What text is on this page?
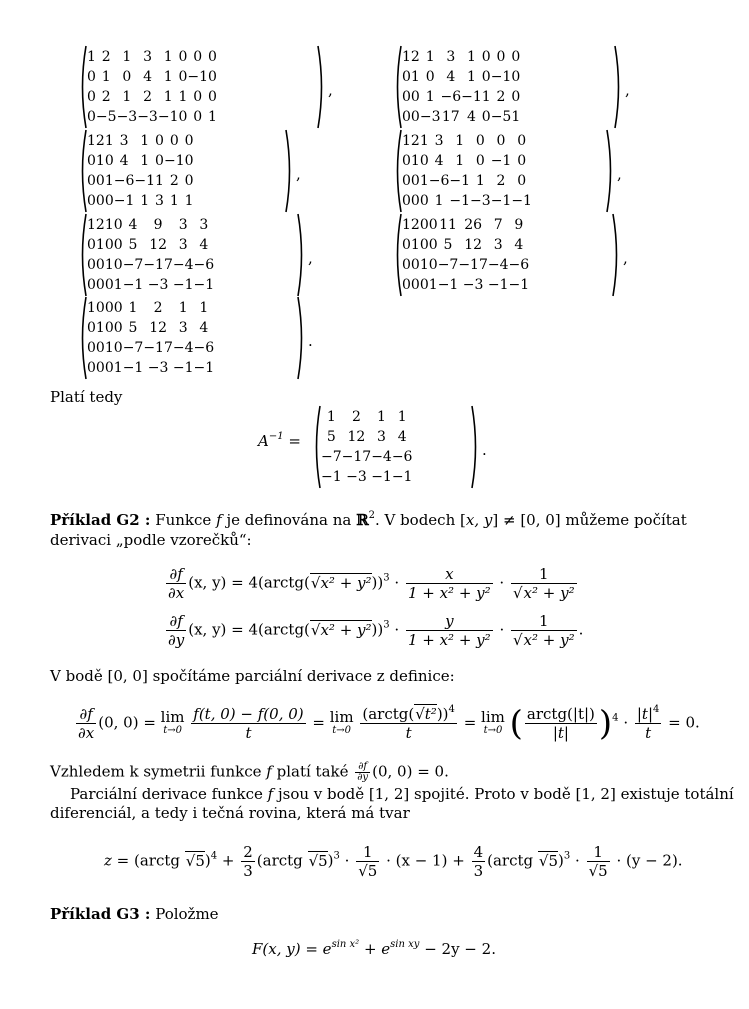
1	2	1	3	1	0	0	0
0	1	0	4	1	0	−1	0
0	2	1	2	1	1	0	0
0	−5	−3	−3	−1	0	0	1
,
1	2	1	3	1	0	0	0
0	1	0	4	1	0	−1	0
0	0	1	−6	−1	1	2	0
0	0	−3	17	4	0	−5	1
,
1	2	1	3	1	0	0	0
0	1	0	4	1	0	−1	0
0	0	1	−6	−1	1	2	0
0	0	0	−1	1	3	1	1
,
1	2	1	3	1	0	0	0
0	1	0	4	1	0	−1	0
0	0	1	−6	−1	1	2	0
0	0	0	1	−1	−3	−1	−1
,
1	2	1	0	4	9	3	3
0	1	0	0	5	12	3	4
0	0	1	0	−7	−17	−4	−6
0	0	0	1	−1	−3	−1	−1
,
1	2	0	0	11	26	7	9
0	1	0	0	5	12	3	4
0	0	1	0	−7	−17	−4	−6
0	0	0	1	−1	−3	−1	−1
,
1	0	0	0	1	2	1	1
0	1	0	0	5	12	3	4
0	0	1	0	−7	−17	−4	−6
0	0	0	1	−1	−3	−1	−1
.
Platí tedy
$A^{-1}$ =
1	2	1	1
5	12	3	4
−7	−17	−4	−6
−1	−3	−1	−1
.
Příklad G2 : Funkce f je definována na ℝ$^2$. V bodech [x, y] ≠ [0, 0] můžeme počítat
derivaci „podle vzorečků“:
$\frac{\partial f}{\partial x} (x$, y) = 4(arctg(√x² + $y^2))^3 \cdot \frac{x}{\text{1 + x² + y²}} \cdot \frac{1}{\text{√x² + y²}}$
$\frac{\partial f}{\partial y} (x$, y) = 4(arctg(√x² + $y^2))^3 \cdot \frac{y}{\text{1 + x² + y²}} \cdot \frac{1}{\text{√x² + y²}}$ .
V bodě [0, 0] spočítáme parciální derivace z definice:
$\frac{\partial f}{\partial x} (0$, 0) = lim
t→0
$\frac{f(t, 0) - f(0, 0)}{t} = \lim$
t→0
$\frac{(arctg(√t^2))^4}{t} = \lim$
t→0 ( $\frac{\text{arctg(|t|)}}{|t|} )^4 \cdot \frac{|t|^4}{t} = 0$.
Vzhledem k symetrii funkce f platí také $\frac{\partial f}{\partial y} (0$, 0) = 0.
Parciální derivace funkce f jsou v bodě [1, 2] spojité. Proto v bodě [1, 2] existuje totální
diferenciál, a tedy i tečná rovina, která má tvar
z = (arctg $√5)^4 + \frac{2}{3}$ (arctg $√5)^3 \cdot \frac{1}{√5} \cdot (x - 1) + \frac{4}{3}$ (arctg $√5)^3 \cdot \frac{1}{√5} \cdot (y - 2)$.
Příklad G3 : Položme
F(x, $y) = e^{sin x^2} + e^{sin xy} - 2y - 2$.
